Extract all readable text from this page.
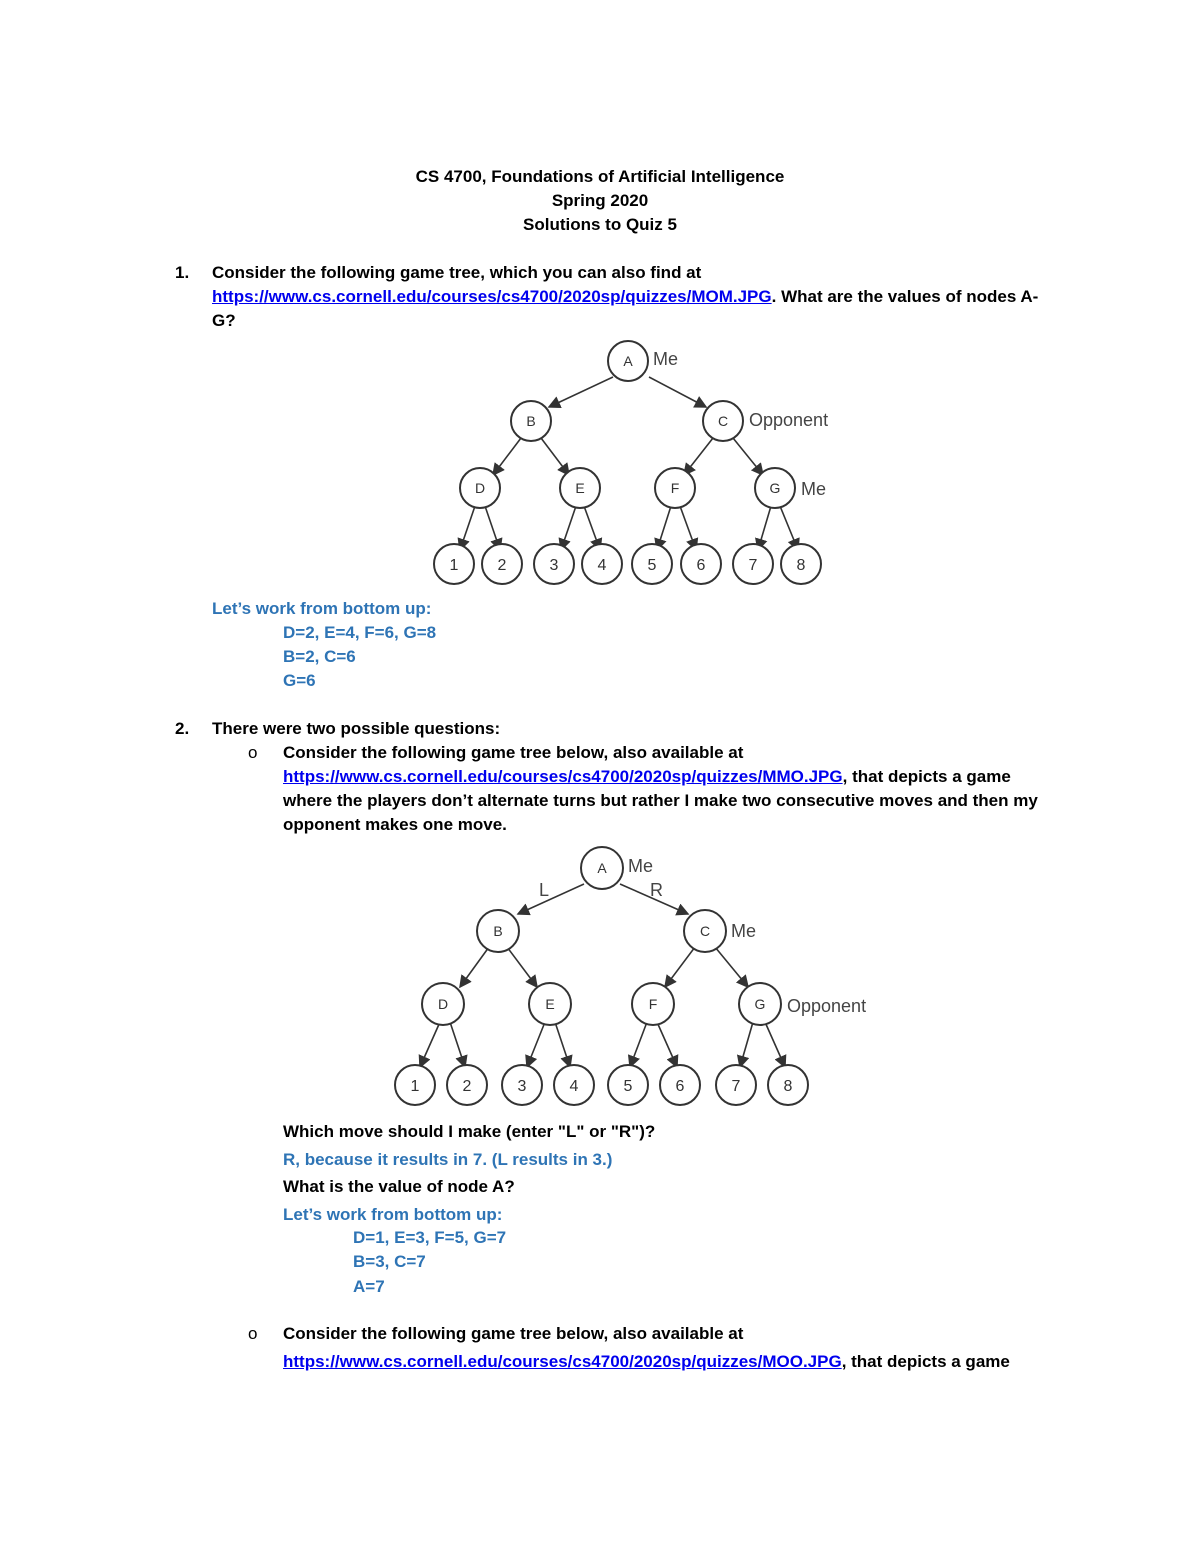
CS 4700, Foundations of Artificial Intelligence
Spring 2020
Solutions to Quiz 5
1. Consider the following game tree, which you can also find at
https://www.cs.cornell.edu/courses/cs4700/2020sp/quizzes/MOM.JPG. What are the values of nodes A-
G?
A
B	C
D	E	F	G
1 2	3 4	5	6	7 8
Me
Opponent
Me
Let’s work from bottom up:
D=2, E=4, F=6, G=8
B=2, C=6
G=6
2. There were two possible questions:
o Consider the following game tree below, also available at
https://www.cs.cornell.edu/courses/cs4700/2020sp/quizzes/MMO.JPG, that depicts a game
where the players don’t alternate turns but rather I make two consecutive moves and then my
opponent makes one move.
A
B	C
D	E	F	G
1	2	3	4	5	6	7	8
Me
Me
Opponent
L	R
Which move should I make (enter "L" or "R")?
R, because it results in 7. (L results in 3.)
What is the value of node A?
Let’s work from bottom up:
D=1, E=3, F=5, G=7
B=3, C=7
A=7
o Consider the following game tree below, also available at
https://www.cs.cornell.edu/courses/cs4700/2020sp/quizzes/MOO.JPG, that depicts a game
